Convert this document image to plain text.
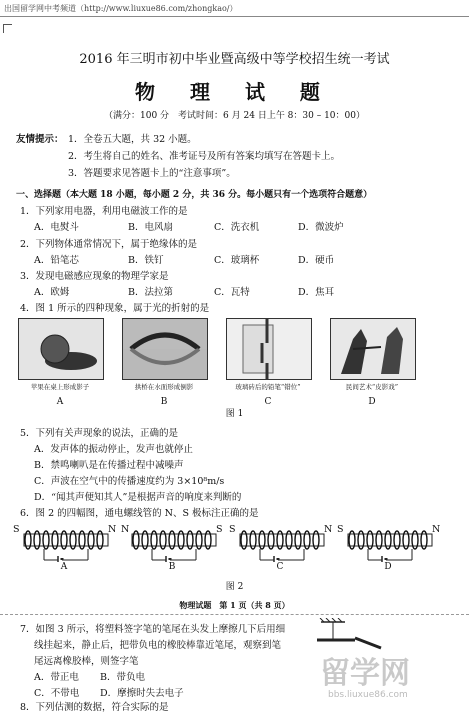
出国留学网中考频道（http://www.liuxue86.com/zhongkao/）
2016 年三明市初中毕业暨高级中等学校招生统一考试
物 理 试 题
（满分：100 分　考试时间：6 月 24 日上午 8：30 – 10：00）
友情提示： 1．全卷五大题，共 32 小题。
2．考生将自己的姓名、准考证号及所有答案均填写在答题卡上。
3．答题要求见答题卡上的“注意事项”。
一、选择题（本大题 18 小题，每小题 2 分，共 36 分。每小题只有一个选项符合题意）
1．下列家用电器，利用电磁波工作的是
A．电熨斗	B．电风扇	C．洗衣机	D．微波炉
2．下列物体通常情况下，属于绝缘体的是
A．铅笔芯	B．铁钉	C．玻璃杯	D．硬币
3．发现电磁感应现象的物理学家是
A．欧姆	B．法拉第	C．瓦特	D．焦耳
4．图 1 所示的四种现象，属于光的折射的是
苹果在桌上形成影子	拱桥在水面形成倒影	玻璃砖后的铅笔“错位”	民间艺术“皮影戏”
A	B	C	D
图 1
5．下列有关声现象的说法，正确的是
A．发声体的振动停止，发声也就停止
B．禁鸣喇叭是在传播过程中减噪声
C．声波在空气中的传播速度约为 3×10⁸m/s
D．“闻其声便知其人”是根据声音的响度来判断的
6．图 2 的四幅图，通电螺线管的 N、S 极标注正确的是
S	N N	S S	N S	N
A	B	C	D
图 2
物理试题　第 1 页（共 8 页）
7．如图 3 所示，将塑料签字笔的笔尾在头发上摩擦几下后用细
线挂起来，静止后，把带负电的橡胶棒靠近笔尾，观察到笔
尾远离橡胶棒，则签字笔
A．带正电 B．带负电
C．不带电 D．摩擦时失去电子
8．下列估测的数据，符合实际的是
留学网
bbs.liuxue86.com
